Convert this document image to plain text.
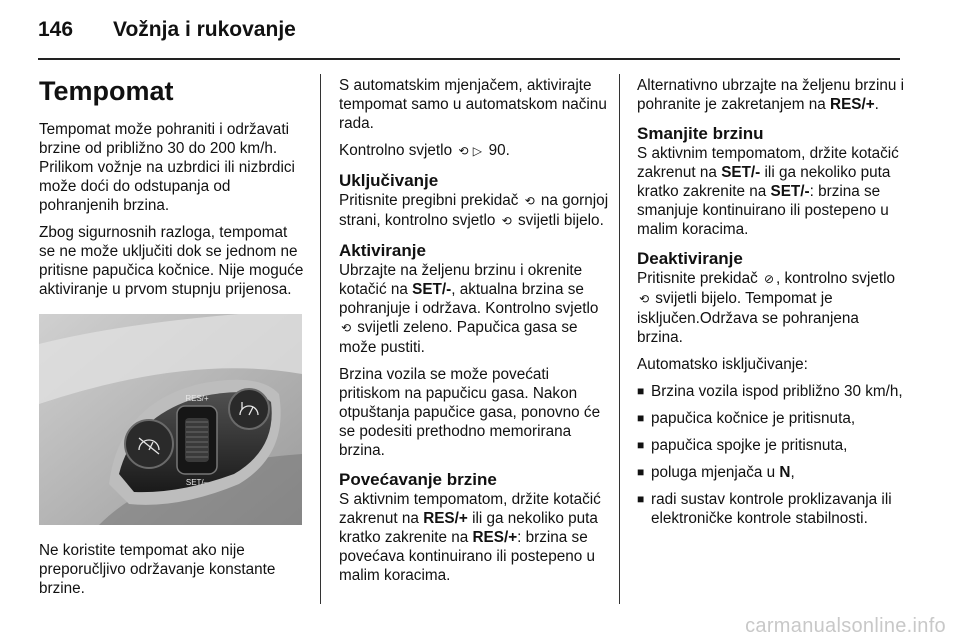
146 Vožnja i rukovanje
Tempomat

Tempomat može pohraniti i održavati brzine od približno 30 do 200 km/h. Prilikom vožnje na uzbrdici ili nizbrdici može doći do odstupanja od pohranjenih brzina.

Zbog sigurnosnih razloga, tempomat se ne može uključiti dok se jednom ne pritisne papučica kočnice. Nije moguće aktiviranje u prvom stupnju prijenosa.

RES/+
SET/–

Ne koristite tempomat ako nije preporučljivo održavanje konstante brzine.

S automatskim mjenjačem, aktivirajte tempomat samo u automatskom načinu rada.

Kontrolno svjetlo ⟲ ▷ 90.

Uključivanje

Pritisnite pregibni prekidač ⟲ na gornjoj strani, kontrolno svjetlo ⟲ svijetli bijelo.

Aktiviranje

Ubrzajte na željenu brzinu i okrenite kotačić na SET/-, aktualna brzina se pohranjuje i održava. Kontrolno svjetlo ⟲ svijetli zeleno. Papučica gasa se može pustiti.

Brzina vozila se može povećati pritiskom na papučicu gasa. Nakon otpuštanja papučice gasa, ponovno će se podesiti prethodno memorirana brzina.

Povećavanje brzine

S aktivnim tempomatom, držite kotačić zakrenut na RES/+ ili ga nekoliko puta kratko zakrenite na RES/+: brzina se povećava kontinuirano ili postepeno u malim koracima.

Alternativno ubrzajte na željenu brzinu i pohranite je zakretanjem na RES/+.

Smanjite brzinu

S aktivnim tempomatom, držite kotačić zakrenut na SET/- ili ga nekoliko puta kratko zakrenite na SET/-: brzina se smanjuje kontinuirano ili postepeno u malim koracima.

Deaktiviranje

Pritisnite prekidač ⊘ , kontrolno svjetlo ⟲ svijetli bijelo. Tempomat je isključen.Održava se pohranjena brzina.

Automatsko isključivanje:

■ Brzina vozila ispod približno 30 km/h,
■ papučica kočnice je pritisnuta,
■ papučica spojke je pritisnuta,
■ poluga mjenjača u N,
■ radi sustav kontrole proklizavanja ili elektroničke kontrole stabilnosti.
carmanualsonline.info
